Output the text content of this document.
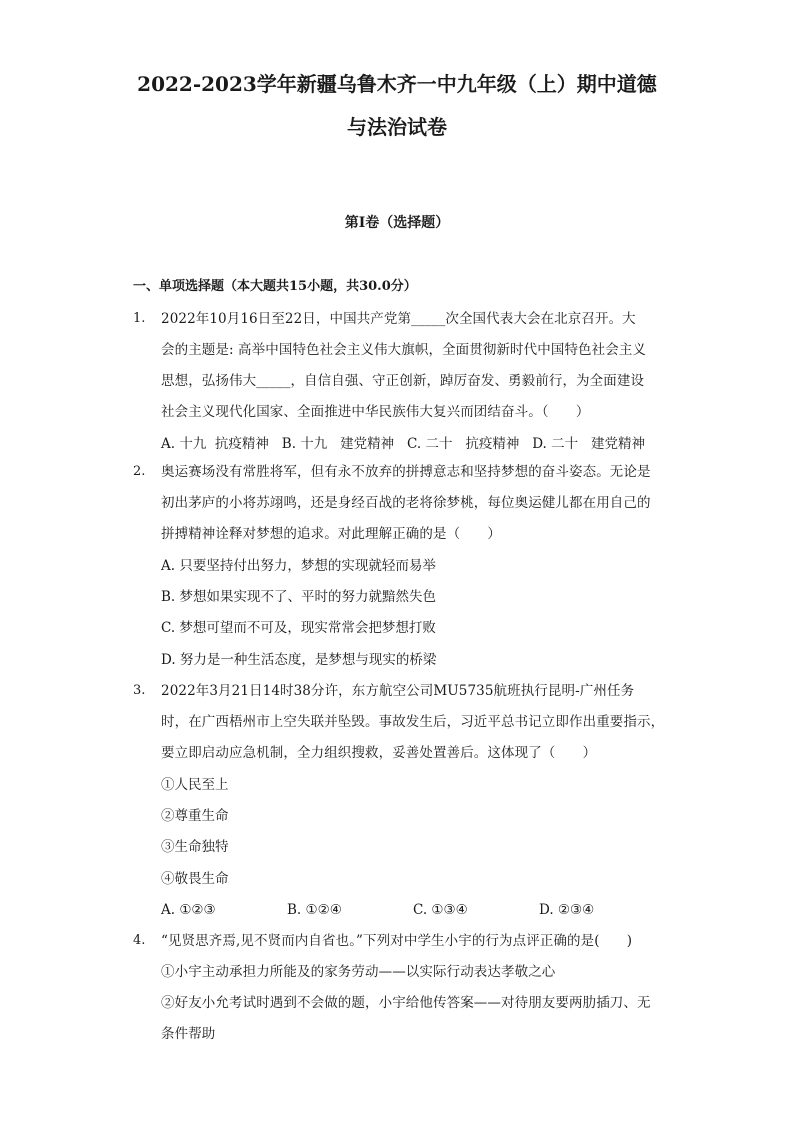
2022-2023学年新疆乌鲁木齐一中九年级（上）期中道德
与法治试卷
第I卷（选择题）
一、单项选择题（本大题共15小题，共30.0分）
1.	2022年10月16日至22日，中国共产党第_____次全国代表大会在北京召开。大
会的主题是: 高举中国特色社会主义伟大旗帜，全面贯彻新时代中国特色社会主义
思想，弘扬伟大_____，自信自强、守正创新，踔厉奋发、勇毅前行，为全面建设
社会主义现代化国家、全面推进中华民族伟大复兴而团结奋斗。（　　）
A. 十九  抗疫精神   B. 十九   建党精神   C. 二十   抗疫精神   D. 二十   建党精神
2.	奥运赛场没有常胜将军，但有永不放弃的拼搏意志和坚持梦想的奋斗姿态。无论是
初出茅庐的小将苏翊鸣，还是身经百战的老将徐梦桃，每位奥运健儿都在用自己的
拼搏精神诠释对梦想的追求。对此理解正确的是（　　）
A. 只要坚持付出努力，梦想的实现就轻而易举
B. 梦想如果实现不了、平时的努力就黯然失色
C. 梦想可望而不可及，现实常常会把梦想打败
D. 努力是一种生活态度，是梦想与现实的桥梁
3.	2022年3月21日14时38分许，东方航空公司MU5735航班执行昆明-广州任务
时，在广西梧州市上空失联并坠毁。事故发生后，习近平总书记立即作出重要指示，
要立即启动应急机制，全力组织搜救，妥善处置善后。这体现了（　　）
①人民至上
②尊重生命
③生命独特
④敬畏生命
A. ①②③	B. ①②④	C. ①③④	D. ②③④
4.	“见贤思齐焉,见不贤而内自省也。”下列对中学生小宇的行为点评正确的是(　　)
①小宇主动承担力所能及的家务劳动——以实际行动表达孝敬之心
②好友小允考试时遇到不会做的题，小宇给他传答案——对待朋友要两肋插刀、无
条件帮助
